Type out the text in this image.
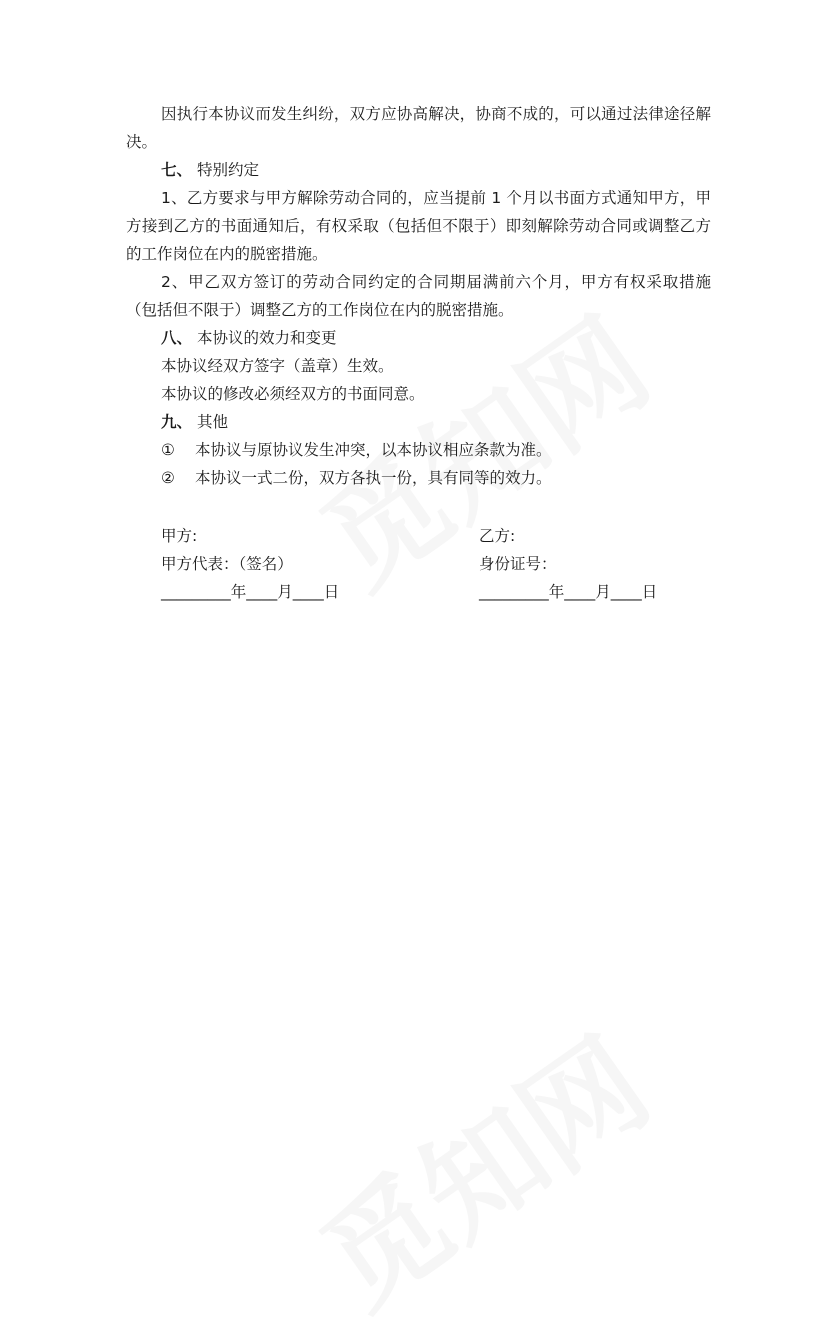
因执行本协议而发生纠纷，双方应协高解决，协商不成的，可以通过法律途径解决。

七、 特别约定

1、乙方要求与甲方解除劳动合同的，应当提前 1 个月以书面方式通知甲方，甲方接到乙方的书面通知后，有权采取（包括但不限于）即刻解除劳动合同或调整乙方的工作岗位在内的脱密措施。

2、甲乙双方签订的劳动合同约定的合同期届满前六个月，甲方有权采取措施（包括但不限于）调整乙方的工作岗位在内的脱密措施。

八、 本协议的效力和变更

本协议经双方签字（盖章）生效。

本协议的修改必须经双方的书面同意。

九、 其他

① 本协议与原协议发生冲突，以本协议相应条款为准。

② 本协议一式二份，双方各执一份，具有同等的效力。

甲方:	乙方:
甲方代表：（签名）	身份证号：
_________年____月____日	_________年____月____日
